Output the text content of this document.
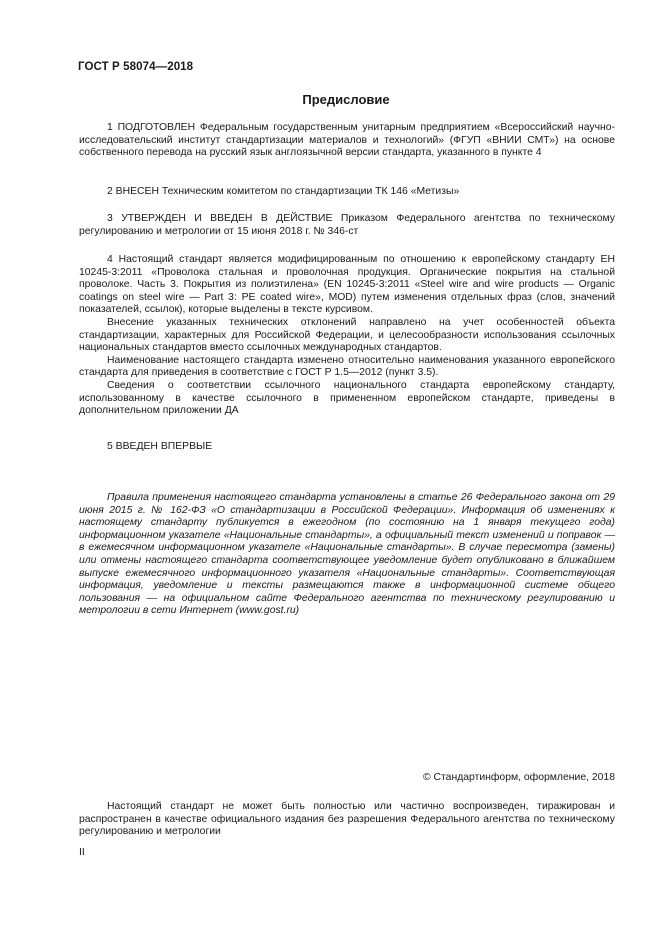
ГОСТ Р 58074—2018
Предисловие

1 ПОДГОТОВЛЕН Федеральным государственным унитарным предприятием «Всероссийский научно-исследовательский институт стандартизации материалов и технологий» (ФГУП «ВНИИ СМТ») на основе собственного перевода на русский язык англоязычной версии стандарта, указанного в пункте 4

2 ВНЕСЕН Техническим комитетом по стандартизации ТК 146 «Метизы»

3 УТВЕРЖДЕН И ВВЕДЕН В ДЕЙСТВИЕ Приказом Федерального агентства по техническому регулированию и метрологии от 15 июня 2018 г. № 346-ст

4 Настоящий стандарт является модифицированным по отношению к европейскому стандарту ЕН 10245-3:2011 «Проволока стальная и проволочная продукция. Органические покрытия на стальной проволоке. Часть 3. Покрытия из полиэтилена» (EN 10245-3:2011 «Steel wire and wire products — Organic coatings on steel wire — Part 3: PE coated wire», MOD) путем изменения отдельных фраз (слов, значений показателей, ссылок), которые выделены в тексте курсивом.

Внесение указанных технических отклонений направлено на учет особенностей объекта стандартизации, характерных для Российской Федерации, и целесообразности использования ссылочных национальных стандартов вместо ссылочных международных стандартов.

Наименование настоящего стандарта изменено относительно наименования указанного европейского стандарта для приведения в соответствие с ГОСТ Р 1.5—2012 (пункт 3.5).

Сведения о соответствии ссылочного национального стандарта европейскому стандарту, использованному в качестве ссылочного в примененном европейском стандарте, приведены в дополнительном приложении ДА

5 ВВЕДЕН ВПЕРВЫЕ

Правила применения настоящего стандарта установлены в статье 26 Федерального закона от 29 июня 2015 г. № 162-ФЗ «О стандартизации в Российской Федерации». Информация об изменениях к настоящему стандарту публикуется в ежегодном (по состоянию на 1 января текущего года) информационном указателе «Национальные стандарты», а официальный текст изменений и поправок — в ежемесячном информационном указателе «Национальные стандарты». В случае пересмотра (замены) или отмены настоящего стандарта соответствующее уведомление будет опубликовано в ближайшем выпуске ежемесячного информационного указателя «Национальные стандарты». Соответствующая информация, уведомление и тексты размещаются также в информационной системе общего пользования — на официальном сайте Федерального агентства по техническому регулированию и метрологии в сети Интернет (www.gost.ru)

© Стандартинформ, оформление, 2018

Настоящий стандарт не может быть полностью или частично воспроизведен, тиражирован и распространен в качестве официального издания без разрешения Федерального агентства по техническому регулированию и метрологии

II
